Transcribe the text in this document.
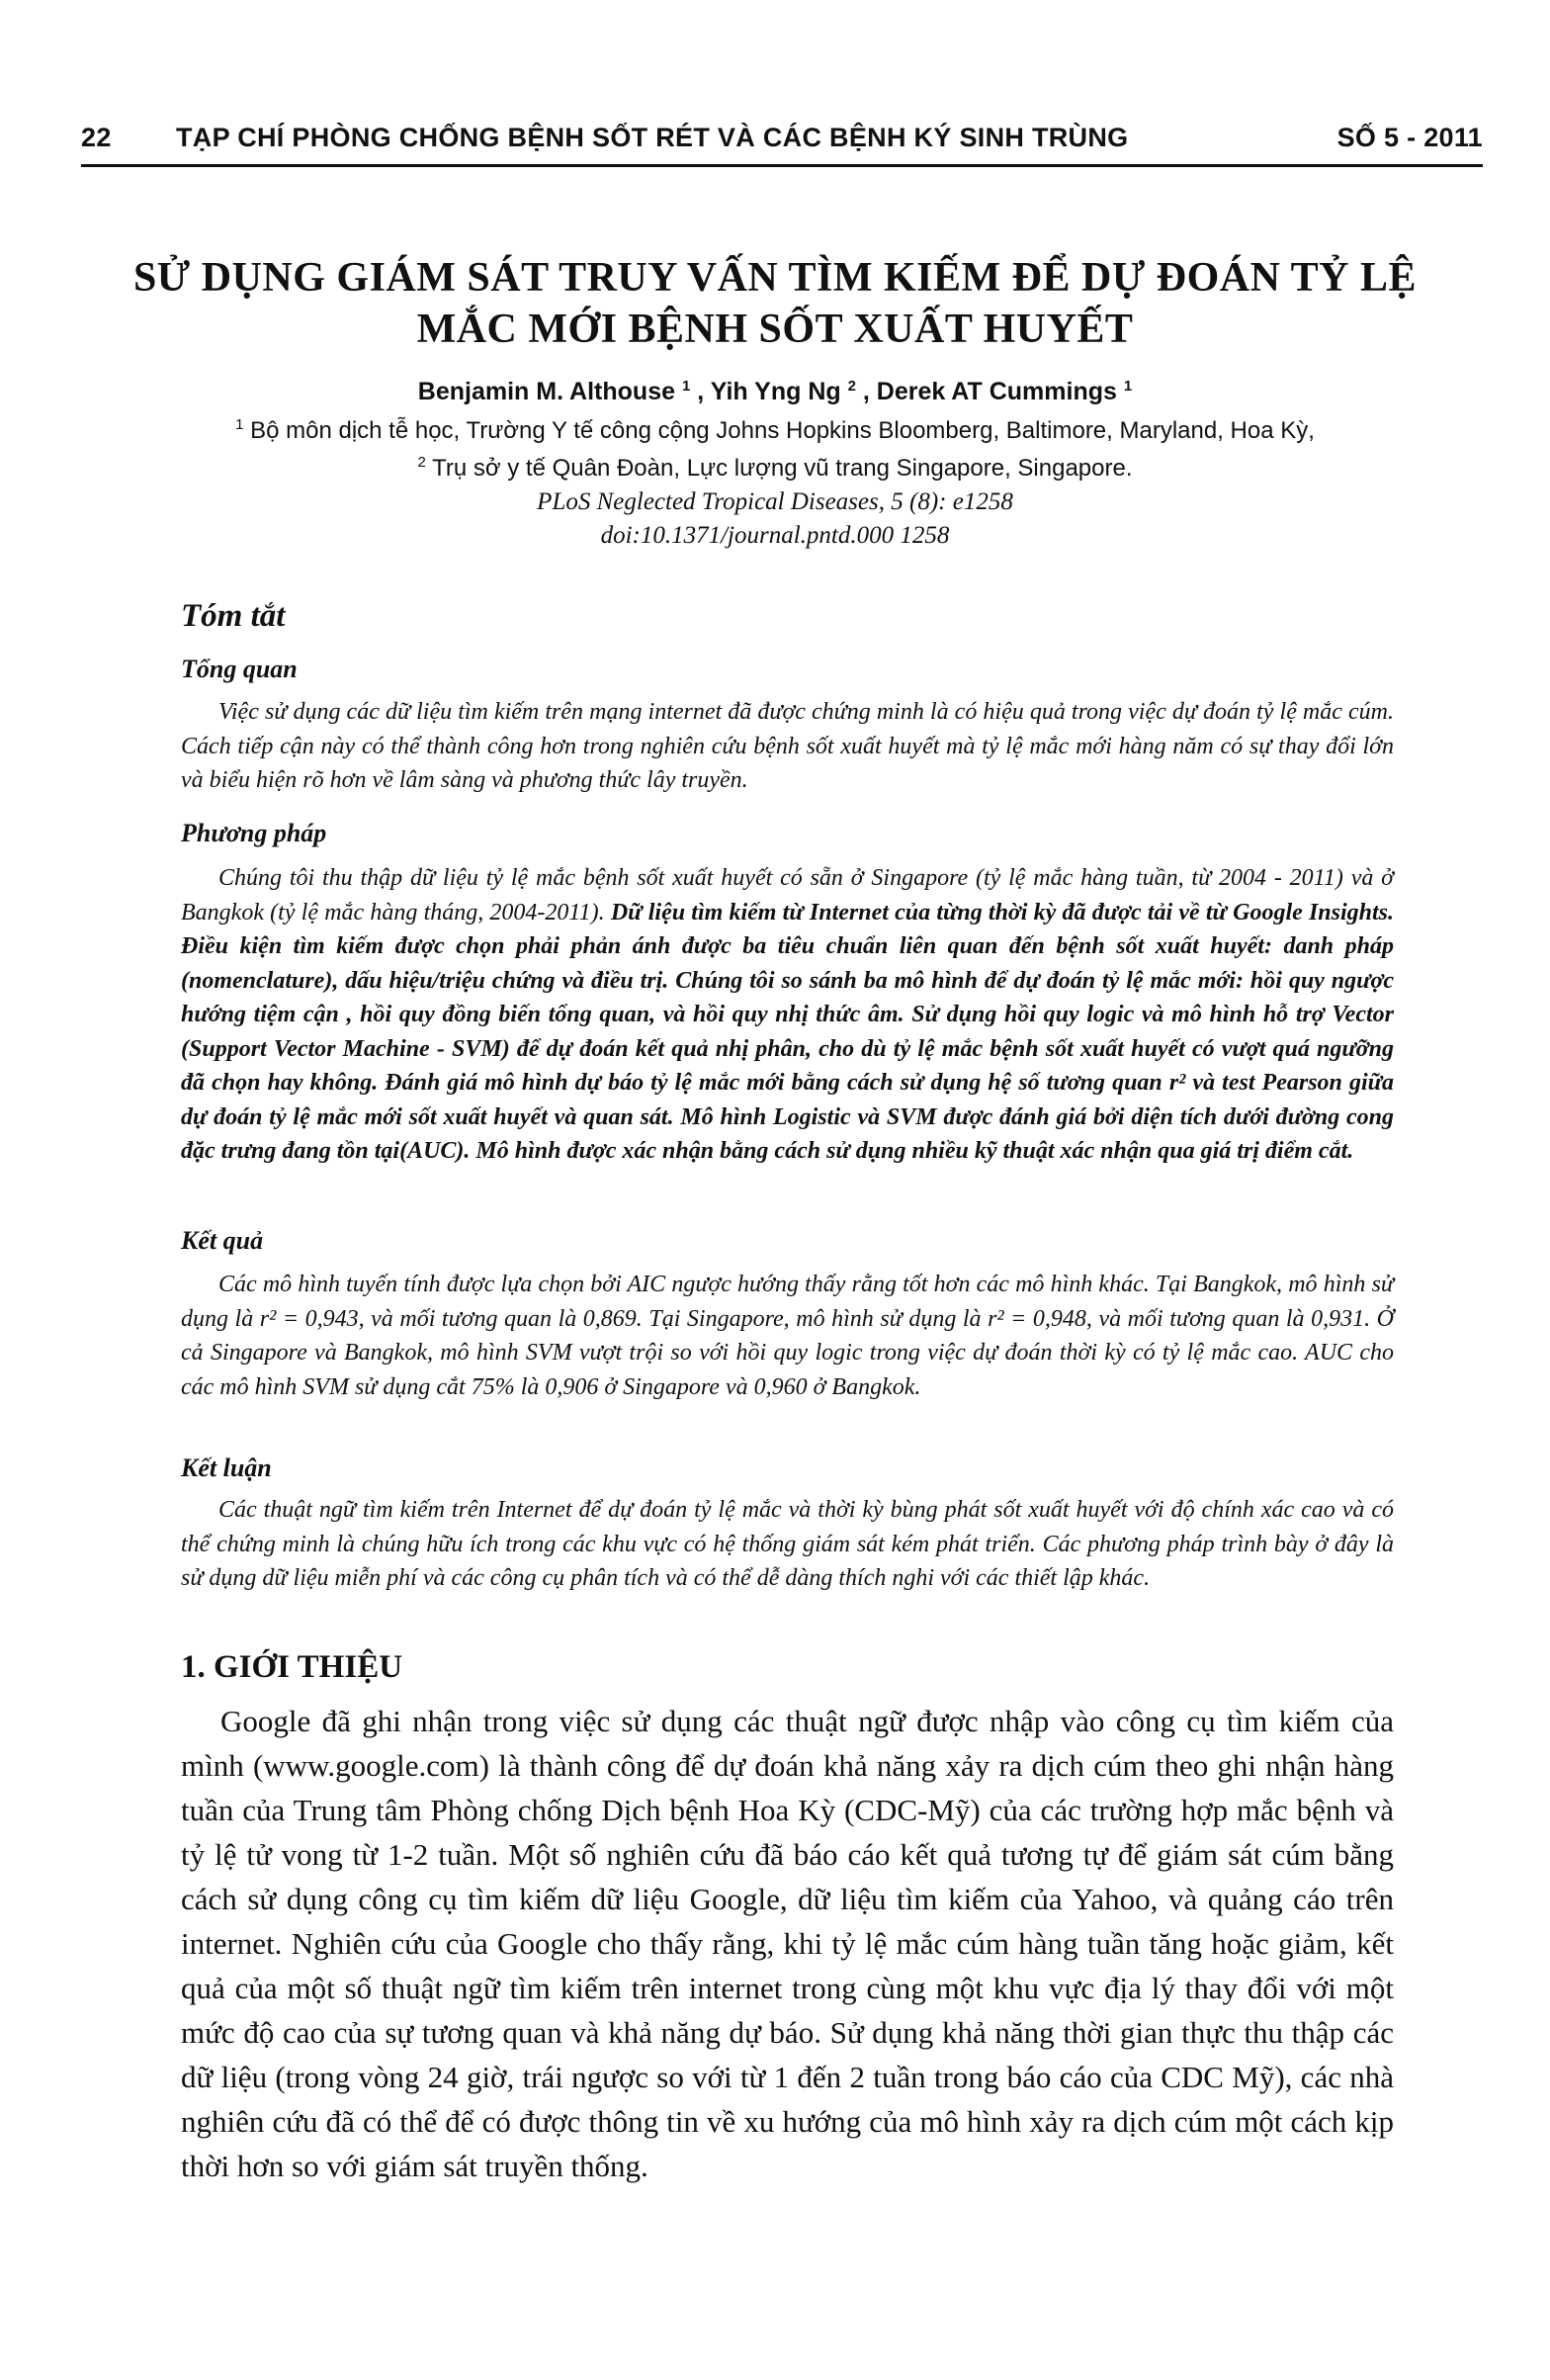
22 TẠP CHÍ PHÒNG CHỐNG BỆNH SỐT RÉT VÀ CÁC BỆNH KÝ SINH TRÙNG	SỐ 5 - 2011
SỬ DỤNG GIÁM SÁT TRUY VẤN TÌM KIẾM ĐỂ DỰ ĐOÁN TỶ LỆ
MẮC MỚI BỆNH SỐT XUẤT HUYẾT
Benjamin M. Althouse $^1$ , Yih Yng Ng $^2$ , Derek AT Cummings $^1$
$^1$ Bộ môn dịch tễ học, Trường Y tế công cộng Johns Hopkins Bloomberg, Baltimore, Maryland, Hoa Kỳ,
$^2$ Trụ sở y tế Quân Đoàn, Lực lượng vũ trang Singapore, Singapore.
PLoS Neglected Tropical Diseases, 5 (8): e1258
doi:10.1371/journal.pntd.000 1258
Tóm tắt
Tổng quan
Việc sử dụng các dữ liệu tìm kiếm trên mạng internet đã được chứng minh là có hiệu quả trong việc dự đoán tỷ lệ mắc cúm. Cách tiếp cận này có thể thành công hơn trong nghiên cứu bệnh sốt xuất huyết mà tỷ lệ mắc mới hàng năm có sự thay đổi lớn và biểu hiện rõ hơn về lâm sàng và phương thức lây truyền.
Phương pháp
Chúng tôi thu thập dữ liệu tỷ lệ mắc bệnh sốt xuất huyết có sẵn ở Singapore (tỷ lệ mắc hàng tuần, từ 2004 - 2011) và ở Bangkok (tỷ lệ mắc hàng tháng, 2004-2011). Dữ liệu tìm kiếm từ Internet của từng thời kỳ đã được tải về từ Google Insights. Điều kiện tìm kiếm được chọn phải phản ánh được ba tiêu chuẩn liên quan đến bệnh sốt xuất huyết: danh pháp (nomenclature), dấu hiệu/triệu chứng và điều trị. Chúng tôi so sánh ba mô hình để dự đoán tỷ lệ mắc mới: hồi quy ngược hướng tiệm cận , hồi quy đồng biến tổng quan, và hồi quy nhị thức âm. Sử dụng hồi quy logic và mô hình hỗ trợ Vector (Support Vector Machine - SVM) để dự đoán kết quả nhị phân, cho dù tỷ lệ mắc bệnh sốt xuất huyết có vượt quá ngưỡng đã chọn hay không. Đánh giá mô hình dự báo tỷ lệ mắc mới bằng cách sử dụng hệ số tương quan r² và test Pearson giữa dự đoán tỷ lệ mắc mới sốt xuất huyết và quan sát. Mô hình Logistic và SVM được đánh giá bởi diện tích dưới đường cong đặc trưng đang tồn tại(AUC). Mô hình được xác nhận bằng cách sử dụng nhiều kỹ thuật xác nhận qua giá trị điểm cắt.
Kết quả
Các mô hình tuyến tính được lựa chọn bởi AIC ngược hướng thấy rằng tốt hơn các mô hình khác. Tại Bangkok, mô hình sử dụng là r² = 0,943, và mối tương quan là 0,869. Tại Singapore, mô hình sử dụng là r² = 0,948, và mối tương quan là 0,931. Ở cả Singapore và Bangkok, mô hình SVM vượt trội so với hồi quy logic trong việc dự đoán thời kỳ có tỷ lệ mắc cao. AUC cho các mô hình SVM sử dụng cắt 75% là 0,906 ở Singapore và 0,960 ở Bangkok.
Kết luận
Các thuật ngữ tìm kiếm trên Internet để dự đoán tỷ lệ mắc và thời kỳ bùng phát sốt xuất huyết với độ chính xác cao và có thể chứng minh là chúng hữu ích trong các khu vực có hệ thống giám sát kém phát triển. Các phương pháp trình bày ở đây là sử dụng dữ liệu miễn phí và các công cụ phân tích và có thể dễ dàng thích nghi với các thiết lập khác.
1. GIỚI THIỆU
Google đã ghi nhận trong việc sử dụng các thuật ngữ được nhập vào công cụ tìm kiếm của mình (www.google.com) là thành công để dự đoán khả năng xảy ra dịch cúm theo ghi nhận hàng tuần của Trung tâm Phòng chống Dịch bệnh Hoa Kỳ (CDC-Mỹ) của các trường hợp mắc bệnh và tỷ lệ tử vong từ 1-2 tuần. Một số nghiên cứu đã báo cáo kết quả tương tự để giám sát cúm bằng cách sử dụng công cụ tìm kiếm dữ liệu Google, dữ liệu tìm kiếm của Yahoo, và quảng cáo trên internet. Nghiên cứu của Google cho thấy rằng, khi tỷ lệ mắc cúm hàng tuần tăng hoặc giảm, kết quả của một số thuật ngữ tìm kiếm trên internet trong cùng một khu vực địa lý thay đổi với một mức độ cao của sự tương quan và khả năng dự báo. Sử dụng khả năng thời gian thực thu thập các dữ liệu (trong vòng 24 giờ, trái ngược so với từ 1 đến 2 tuần trong báo cáo của CDC Mỹ), các nhà nghiên cứu đã có thể để có được thông tin về xu hướng của mô hình xảy ra dịch cúm một cách kịp thời hơn so với giám sát truyền thống.
